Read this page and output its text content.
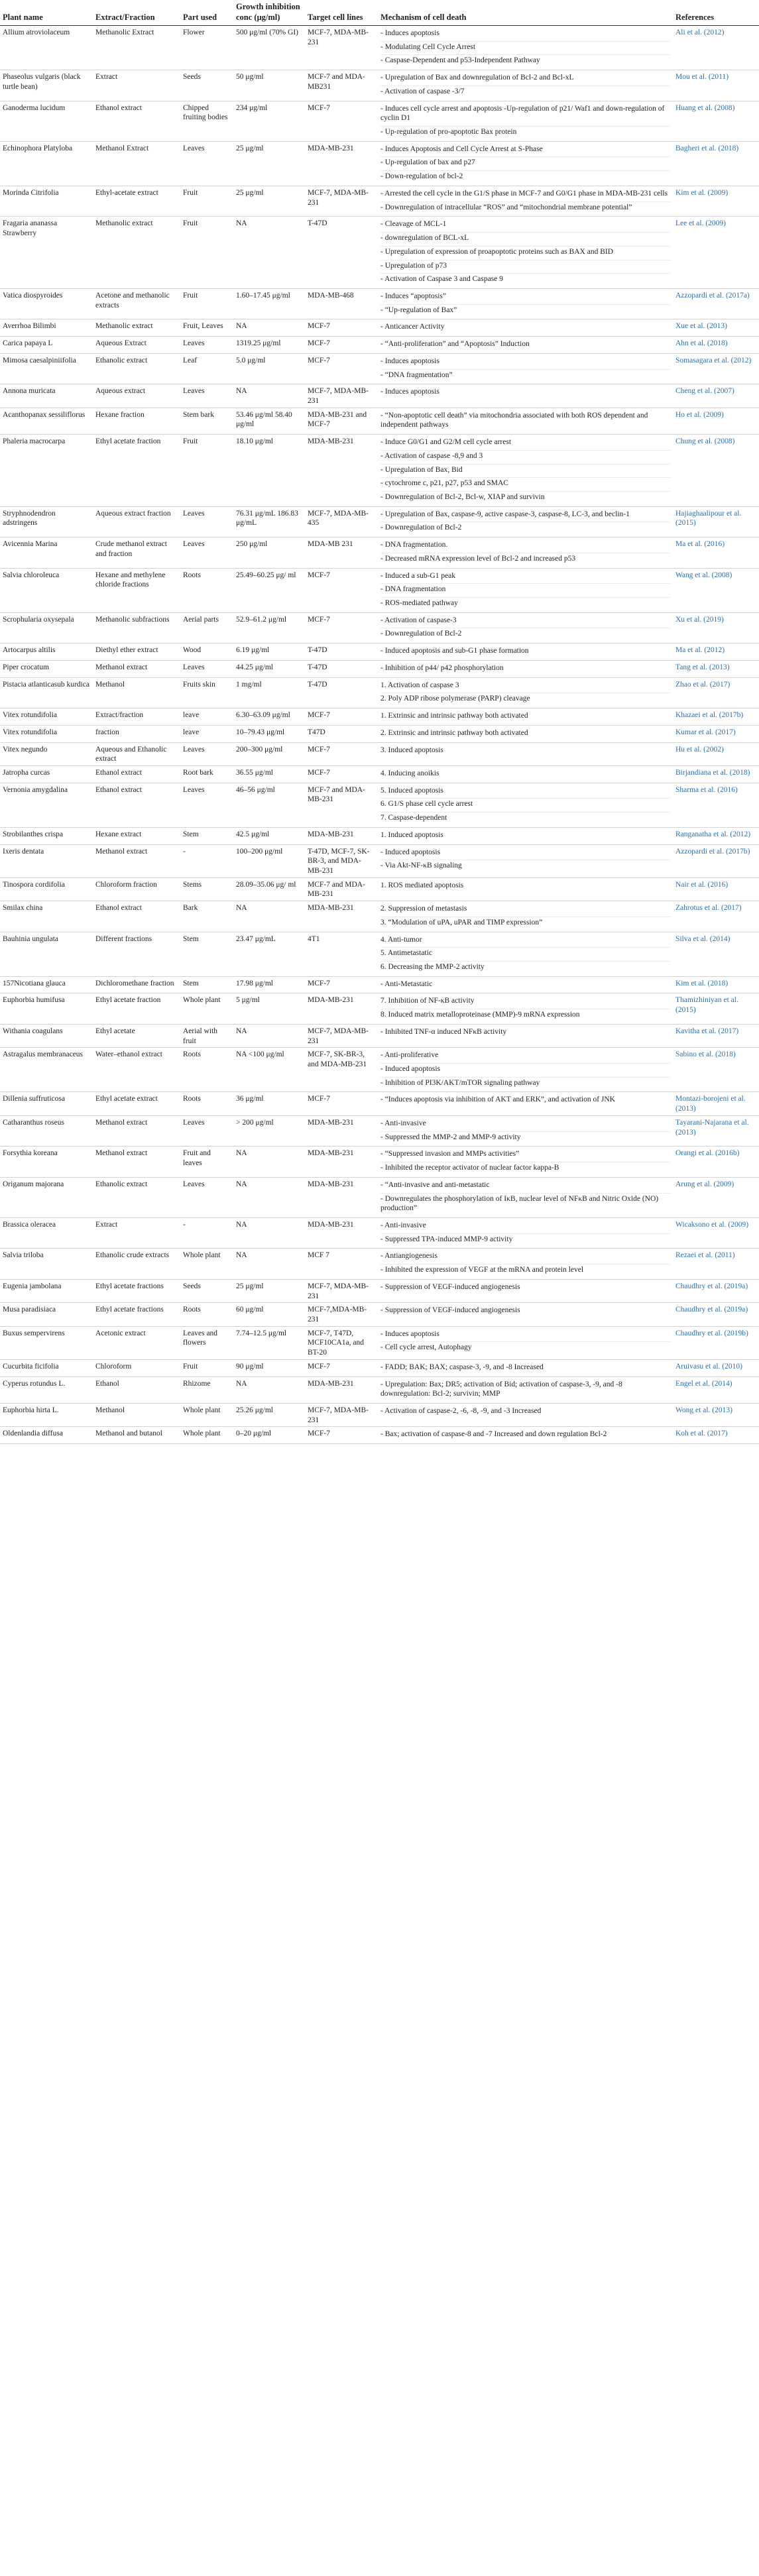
Plant name	Extract/Fraction	Part used	Growth inhibition conc (μg/ml)	Target cell lines	Mechanism of cell death	References
Allium atroviolaceum	Methanolic Extract	Flower	500 μg/ml (70% GI)	MCF-7, MDA-MB-231	- Induces apoptosis
- Modulating Cell Cycle Arrest
- Caspase-Dependent and p53-Independent Pathway	Ali et al. (2012)
Phaseolus vulgaris (black turtle bean)	Extract	Seeds	50 μg/ml	MCF-7 and MDA-MB231	- Upregulation of Bax and downregulation of Bcl-2 and Bcl-xL
- Activation of caspase -3/7	Mou et al. (2011)
Ganoderma lucidum	Ethanol extract	Chipped fruiting bodies	234 μg/ml	MCF-7	- Induces cell cycle arrest and apoptosis -Up-regulation of p21/ Waf1 and down-regulation of cyclin D1
- Up-regulation of pro-apoptotic Bax protein	Huang et al. (2008)
Echinophora Platyloba	Methanol Extract	Leaves	25 μg/ml	MDA-MB-231	- Induces Apoptosis and Cell Cycle Arrest at S-Phase
- Up-regulation of bax and p27
- Down-regulation of bcl-2	Bagheri et al. (2018)
Morinda Citrifolia	Ethyl-acetate extract	Fruit	25 μg/ml	MCF-7, MDA-MB-231	- Arrested the cell cycle in the G1/S phase in MCF-7 and G0/G1 phase in MDA-MB-231 cells
- Downregulation of intracellular “ROS” and “mitochondrial membrane potential”	Kim et al. (2009)
Fragaria ananassa Strawberry	Methanolic extract	Fruit	NA	T-47D	- Cleavage of MCL-1
- downregulation of BCL-xL
- Upregulation of expression of proapoptotic proteins such as BAX and BID
- Upregulation of p73
- Activation of Caspase 3 and Caspase 9	Lee et al. (2009)
Vatica diospyroides	Acetone and methanolic extracts	Fruit	1.60–17.45 μg/ml	MDA-MB-468	- Induces “apoptosis”
- “Up-regulation of Bax”	Azzopardi et al. (2017a)
Averrhoa Bilimbi	Methanolic extract	Fruit, Leaves	NA	MCF-7	- Anticancer Activity	Xue et al. (2013)
Carica papaya L	Aqueous Extract	Leaves	1319.25 μg/ml	MCF-7	- “Anti-proliferation” and “Apoptosis” Induction	Ahn et al. (2018)
Mimosa caesalpiniifolia	Ethanolic extract	Leaf	5.0 μg/ml	MCF-7	- Induces apoptosis
- “DNA fragmentation”	Somasagara et al. (2012)
Annona muricata	Aqueous extract	Leaves	NA	MCF-7, MDA-MB-231	- Induces apoptosis	Cheng et al. (2007)
Acanthopanax sessiliflorus	Hexane fraction	Stem bark	53.46 μg/ml 58.40 μg/ml	MDA-MB-231 and MCF-7	- “Non-apoptotic cell death” via mitochondria associated with both ROS dependent and independent pathways	Ho et al. (2009)
Phaleria macrocarpa	Ethyl acetate fraction	Fruit	18.10 μg/ml	MDA-MB-231	- Induce G0/G1 and G2/M cell cycle arrest
- Activation of caspase -8,9 and 3
- Upregulation of Bax, Bid
- cytochrome c, p21, p27, p53 and SMAC
- Downregulation of Bcl-2, Bcl-w, XIAP and survivin	Chung et al. (2008)
Stryphnodendron adstringens	Aqueous extract fraction	Leaves	76.31 μg/mL 186.83 μg/mL	MCF-7, MDA-MB-435	- Upregulation of Bax, caspase-9, active caspase-3, caspase-8, LC-3, and beclin-1
- Downregulation of Bcl-2	Hajiaghaalipour et al. (2015)
Avicennia Marina	Crude methanol extract and fraction	Leaves	250 μg/ml	MDA-MB 231	- DNA fragmentation.
- Decreased mRNA expression level of Bcl-2 and increased p53	Ma et al. (2016)
Salvia chloroleuca	Hexane and methylene chloride fractions	Roots	25.49–60.25 μg/ ml	MCF-7	- Induced a sub-G1 peak
- DNA fragmentation
- ROS-mediated pathway	Wang et al. (2008)
Scrophularia oxysepala	Methanolic subfractions	Aerial parts	52.9–61.2 μg/ml	MCF-7	- Activation of caspase-3
- Downregulation of Bcl-2	Xu et al. (2019)
Artocarpus altilis	Diethyl ether extract	Wood	6.19 μg/ml	T-47D	- Induced apoptosis and sub-G1 phase formation	Ma et al. (2012)
Piper crocatum	Methanol extract	Leaves	44.25 μg/ml	T-47D	- Inhibition of p44/ p42 phosphorylation	Tang et al. (2013)
Pistacia atlanticasub kurdica	Methanol	Fruits skin	1 mg/ml	T-47D	1. Activation of caspase 3
2. Poly ADP ribose polymerase (PARP) cleavage	Zhao et al. (2017)
Vitex rotundifolia	Extract/fraction	leave	6.30–63.09 μg/ml	MCF-7	1. Extrinsic and intrinsic pathway both activated	Khazaei et al. (2017b)
Vitex rotundifolia	fraction	leave	10–79.43 μg/ml	T47D	2. Extrinsic and intrinsic pathway both activated	Kumar et al. (2017)
Vitex negundo	Aqueous and Ethanolic extract	Leaves	200–300 μg/ml	MCF-7	3. Induced apoptosis	Hu et al. (2002)
Jatropha curcas	Ethanol extract	Root bark	36.55 μg/ml	MCF-7	4. Inducing anoikis	Birjandiana et al. (2018)
Vernonia amygdalina	Ethanol extract	Leaves	46–56 μg/ml	MCF-7 and MDA-MB-231	5. Induced apoptosis
6. G1/S phase cell cycle arrest
7. Caspase-dependent	Sharma et al. (2016)
Strobilanthes crispa	Hexane extract	Stem	42.5 μg/ml	MDA-MB-231	1. Induced apoptosis	Ranganatha et al. (2012)
Ixeris dentata	Methanol extract	-	100–200 μg/ml	T-47D, MCF-7, SK-BR-3, and MDA-MB-231	- Induced apoptosis
- Via Akt-NF-κB signaling	Azzopardi et al. (2017b)
Tinospora cordifolia	Chloroform fraction	Stems	28.09–35.06 μg/ ml	MCF-7 and MDA-MB-231	1. ROS mediated apoptosis	Nair et al. (2016)
Smilax china	Ethanol extract	Bark	NA	MDA-MB-231	2. Suppression of metastasis
3. “Modulation of uPA, uPAR and TIMP expression”	Zahrotus et al. (2017)
Bauhinia ungulata	Different fractions	Stem	23.47 μg/mL	4T1	4. Anti-tumor
5. Antimetastatic
6. Decreasing the MMP-2 activity	Silva et al. (2014)
157Nicotiana glauca	Dichloromethane fraction	Stem	17.98 μg/ml	MCF-7	- Anti-Metastatic	Kim et al. (2018)
Euphorbia humifusa	Ethyl acetate fraction	Whole plant	5 μg/ml	MDA-MB-231	7. Inhibition of NF-κB activity
8. Induced matrix metalloproteinase (MMP)-9 mRNA expression	Thamizhiniyan et al. (2015)
Withania coagulans	Ethyl acetate	Aerial with fruit	NA	MCF-7, MDA-MB-231	- Inhibited TNF-α induced NFκB activity	Kavitha et al. (2017)
Astragalus membranaceus	Water–ethanol extract	Roots	NA <100 μg/ml	MCF-7, SK-BR-3, and MDA-MB-231	- Anti-proliferative
- Induced apoptosis
- Inhibition of PI3K/AKT/mTOR signaling pathway	Sabino et al. (2018)
Dillenia suffruticosa	Ethyl acetate extract	Roots	36 μg/ml	MCF-7	- “Induces apoptosis via inhibition of AKT and ERK”, and activation of JNK	Montazi-borojeni et al. (2013)
Catharanthus roseus	Methanol extract	Leaves	> 200 μg/ml	MDA-MB-231	- Anti-invasive
- Suppressed the MMP-2 and MMP-9 activity	Tayarani-Najarana et al. (2013)
Forsythia koreana	Methanol extract	Fruit and leaves	NA	MDA-MB-231	- “Suppressed invasion and MMPs activities”
- Inhibited the receptor activator of nuclear factor kappa-B	Orangi et al. (2016b)
Origanum majorana	Ethanolic extract	Leaves	NA	MDA-MB-231	- “Anti-invasive and anti-metastatic
- Downregulates the phosphorylation of IκB, nuclear level of NFκB and Nitric Oxide (NO) production”	Arung et al. (2009)
Brassica oleracea	Extract	-	NA	MDA-MB-231	- Anti-invasive
- Suppressed TPA-induced MMP-9 activity	Wicaksono et al. (2009)
Salvia triloba	Ethanolic crude extracts	Whole plant	NA	MCF 7	- Antiangiogenesis
- Inhibited the expression of VEGF at the mRNA and protein level	Rezaei et al. (2011)
Eugenia jambolana	Ethyl acetate fractions	Seeds	25 μg/ml	MCF-7, MDA-MB-231	- Suppression of VEGF-induced angiogenesis	Chaudhry et al. (2019a)
Musa paradisiaca	Ethyl acetate fractions	Roots	60 μg/ml	MCF-7,MDA-MB-231	- Suppression of VEGF-induced angiogenesis	Chaudhry et al. (2019a)
Buxus sempervirens	Acetonic extract	Leaves and flowers	7.74–12.5 μg/ml	MCF-7, T47D, MCF10CA1a, and BT-20	- Induces apoptosis
- Cell cycle arrest, Autophagy	Chaudhry et al. (2019b)
Cucurbita ficifolia	Chloroform	Fruit	90 μg/ml	MCF-7	- FADD; BAK; BAX; caspase-3, -9, and -8 Increased	Aruivasu et al. (2010)
Cyperus rotundus L.	Ethanol	Rhizome	NA	MDA-MB-231	- Upregulation: Bax; DR5; activation of Bid; activation of caspase-3, -9, and -8 downregulation: Bcl-2; survivin; MMP	Engel et al. (2014)
Euphorbia hirta L.	Methanol	Whole plant	25.26 μg/ml	MCF-7, MDA-MB-231	- Activation of caspase-2, -6, -8, -9, and -3 Increased	Wong et al. (2013)
Oldenlandia diffusa	Methanol and butanol	Whole plant	0–20 μg/ml	MCF-7	- Bax; activation of caspase-8 and -7 Increased and down regulation Bcl-2	Koh et al. (2017)
